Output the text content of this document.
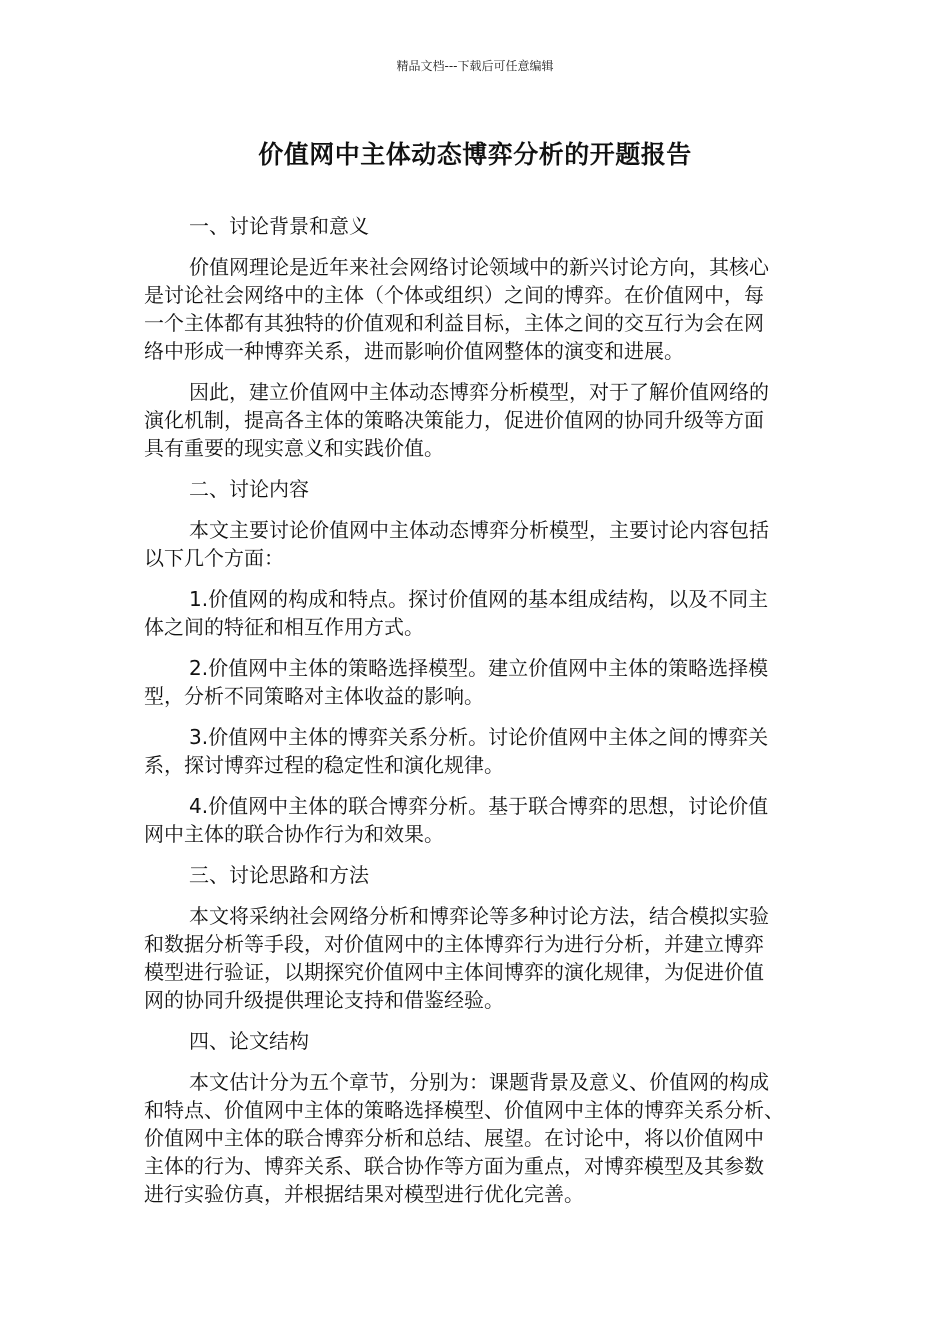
精品文档---下载后可任意编辑
价值网中主体动态博弈分析的开题报告
一、讨论背景和意义
价值网理论是近年来社会网络讨论领域中的新兴讨论方向，其核心
是讨论社会网络中的主体（个体或组织）之间的博弈。在价值网中，每
一个主体都有其独特的价值观和利益目标，主体之间的交互行为会在网
络中形成一种博弈关系，进而影响价值网整体的演变和进展。
因此，建立价值网中主体动态博弈分析模型，对于了解价值网络的
演化机制，提高各主体的策略决策能力，促进价值网的协同升级等方面
具有重要的现实意义和实践价值。
二、讨论内容
本文主要讨论价值网中主体动态博弈分析模型，主要讨论内容包括
以下几个方面：
1.价值网的构成和特点。探讨价值网的基本组成结构，以及不同主
体之间的特征和相互作用方式。
2.价值网中主体的策略选择模型。建立价值网中主体的策略选择模
型，分析不同策略对主体收益的影响。
3.价值网中主体的博弈关系分析。讨论价值网中主体之间的博弈关
系，探讨博弈过程的稳定性和演化规律。
4.价值网中主体的联合博弈分析。基于联合博弈的思想，讨论价值
网中主体的联合协作行为和效果。
三、讨论思路和方法
本文将采纳社会网络分析和博弈论等多种讨论方法，结合模拟实验
和数据分析等手段，对价值网中的主体博弈行为进行分析，并建立博弈
模型进行验证，以期探究价值网中主体间博弈的演化规律，为促进价值
网的协同升级提供理论支持和借鉴经验。
四、论文结构
本文估计分为五个章节，分别为：课题背景及意义、价值网的构成
和特点、价值网中主体的策略选择模型、价值网中主体的博弈关系分析、
价值网中主体的联合博弈分析和总结、展望。在讨论中，将以价值网中
主体的行为、博弈关系、联合协作等方面为重点，对博弈模型及其参数
进行实验仿真，并根据结果对模型进行优化完善。
